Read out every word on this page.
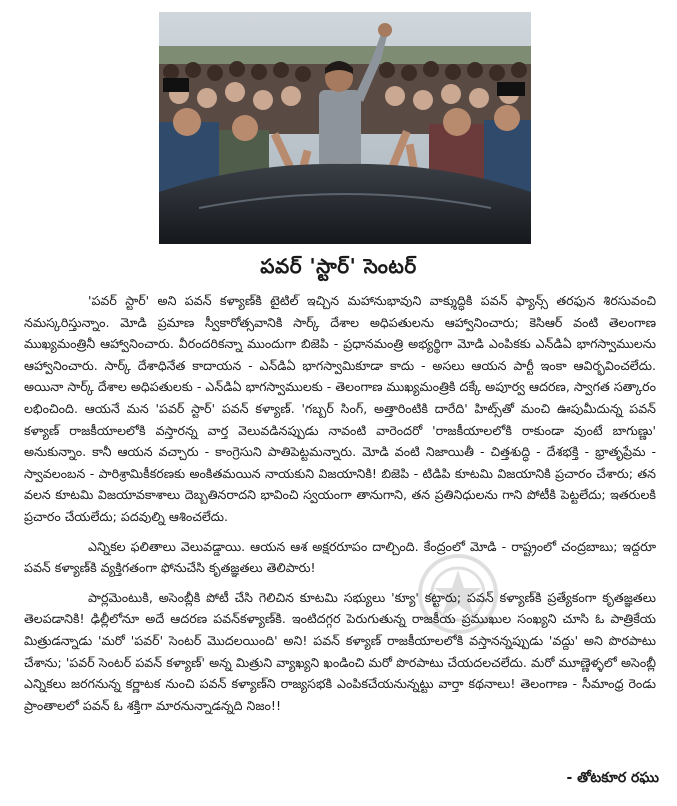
పవర్ 'స్టార్' సెంటర్

'పవర్ స్టార్' అని పవన్ కళ్యాణ్‌కి టైటిల్ ఇచ్చిన మహానుభావుని వాక్శుద్ధికి పవన్ ఫ్యాన్స్ తరఫున శిరసువంచి నమస్కరిస్తున్నాం. మోడి ప్రమాణ స్వీకారోత్సవానికి సార్క్ దేశాల అధిపతులను ఆహ్వానించారు; కెసిఆర్ వంటి తెలంగాణ ముఖ్యమంత్రినీ ఆహ్వానించారు. వీరందరికన్నా ముందుగా బిజెపి - ప్రధానమంత్రి అభ్యర్థిగా మోడి ఎంపికకు ఎన్‌డిఏ భాగస్వాములను ఆహ్వానించారు. సార్క్ దేశాధినేత కాదాయన - ఎన్‌డిఏ భాగస్వామికూడా కాదు - అసలు ఆయన పార్టీ ఇంకా ఆవిర్భవించలేదు. అయినా సార్క్ దేశాల అధిపతులకు - ఎన్‌డిఏ భాగస్వాములకు - తెలంగాణ ముఖ్యమంత్రికి దక్కే అపూర్వ ఆదరణ, స్వాగత సత్కారం లభించింది. ఆయనే మన 'పవర్ స్టార్' పవన్ కళ్యాణ్. 'గబ్బర్ సింగ్, అత్తారింటికి దారేది' హిట్స్‌తో మంచి ఊపుమీదున్న పవన్ కళ్యాణ్ రాజకీయాలలోకి వస్తారన్న వార్త వెలువడినప్పుడు నావంటి వారెందరో 'రాజకీయాలలోకి రాకుండా వుంటే బాగుణ్ణు' అనుకున్నాం. కానీ ఆయన వచ్చారు - కాంగ్రెసుని పాతిపెట్టమన్నారు. మోడి వంటి నిజాయితీ - చిత్తశుద్ధి - దేశభక్తి - భ్రాతృప్రేమ - స్వావలంబన - పారిశ్రామికీకరణకు అంకితమయిన నాయకుని విజయానికి! బిజెపి - టిడిపి కూటమి విజయానికి ప్రచారం చేశారు; తన వలన కూటమి విజయావకాశాలు దెబ్బతినరాదని భావించి స్వయంగా తానుగాని, తన ప్రతినిధులను గాని పోటీకి పెట్టలేదు; ఇతరులకి ప్రచారం చేయలేదు; పదవుల్ని ఆశించలేదు.

ఎన్నికల ఫలితాలు వెలువడ్డాయి. ఆయన ఆశ అక్షరరూపం దాల్చింది. కేంద్రంలో మోడి - రాష్ట్రంలో చంద్రబాబు; ఇద్దరూ పవన్ కళ్యాణ్‌కి వ్యక్తిగతంగా ఫోనుచేసి కృతజ్ఞతలు తెలిపారు!

పార్లమెంటుకి, అసెంబ్లీకి పోటీ చేసి గెలిచిన కూటమి సభ్యులు 'క్యూ' కట్టారు; పవన్ కళ్యాణ్‌కి ప్రత్యేకంగా కృతజ్ఞతలు తెలపడానికి! ఢిల్లీలోనూ అదే ఆదరణ పవన్‌కళ్యాణ్‌కి. ఇంటిదగ్గర పెరుగుతున్న రాజకీయ ప్రముఖుల సంఖ్యని చూసి ఓ పాత్రికేయ మిత్రుడన్నాడు 'మరో 'పవర్' సెంటర్ మొదలయింది' అని! పవన్ కళ్యాణ్ రాజకీయాలలోకి వస్తానన్నప్పుడు 'వద్దు' అని పొరపాటు చేశాను; 'పవర్ సెంటర్ పవన్ కళ్యాణ్' అన్న మిత్రుని వ్యాఖ్యని ఖండించి మరో పొరపాటు చేయదలచలేదు. మరో మూణ్ణెళ్ళలో అసెంబ్లీ ఎన్నికలు జరగనున్న కర్ణాటక నుంచి పవన్ కళ్యాణ్‌ని రాజ్యసభకి ఎంపికచేయనున్నట్టు వార్తా కథనాలు! తెలంగాణ - సీమాంధ్ర రెండు ప్రాంతాలలో పవన్ ఓ శక్తిగా మారనున్నాడన్నది నిజం!!

- తోటకూర రఘు
